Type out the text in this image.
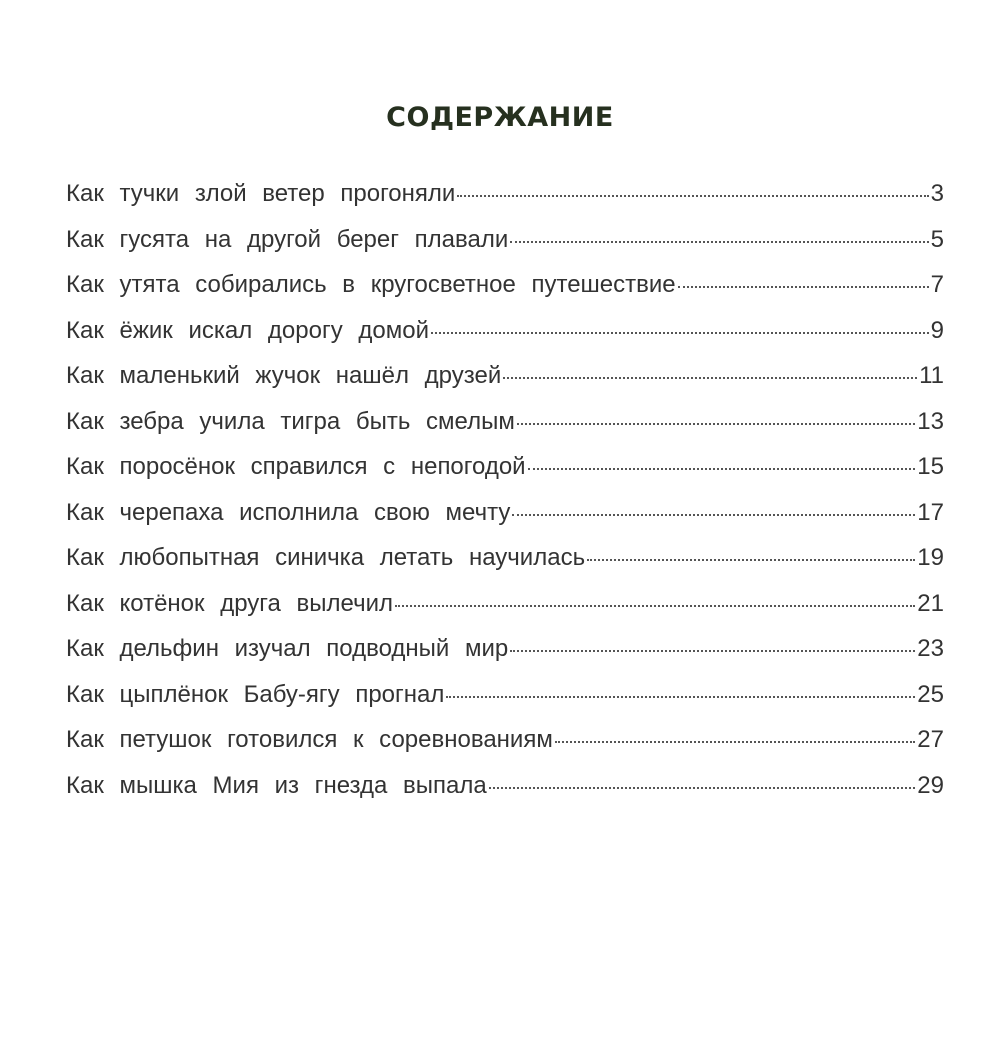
СОДЕРЖАНИЕ
Как тучки злой ветер прогоняли	3
Как гусята на другой берег плавали	5
Как утята собирались в кругосветное путешествие	7
Как ёжик искал дорогу домой	9
Как маленький жучок нашёл друзей	11
Как зебра учила тигра быть смелым	13
Как поросёнок справился с непогодой	15
Как черепаха исполнила свою мечту	17
Как любопытная синичка летать научилась	19
Как котёнок друга вылечил	21
Как дельфин изучал подводный мир	23
Как цыплёнок Бабу-ягу прогнал	25
Как петушок готовился к соревнованиям	27
Как мышка Мия из гнезда выпала	29
